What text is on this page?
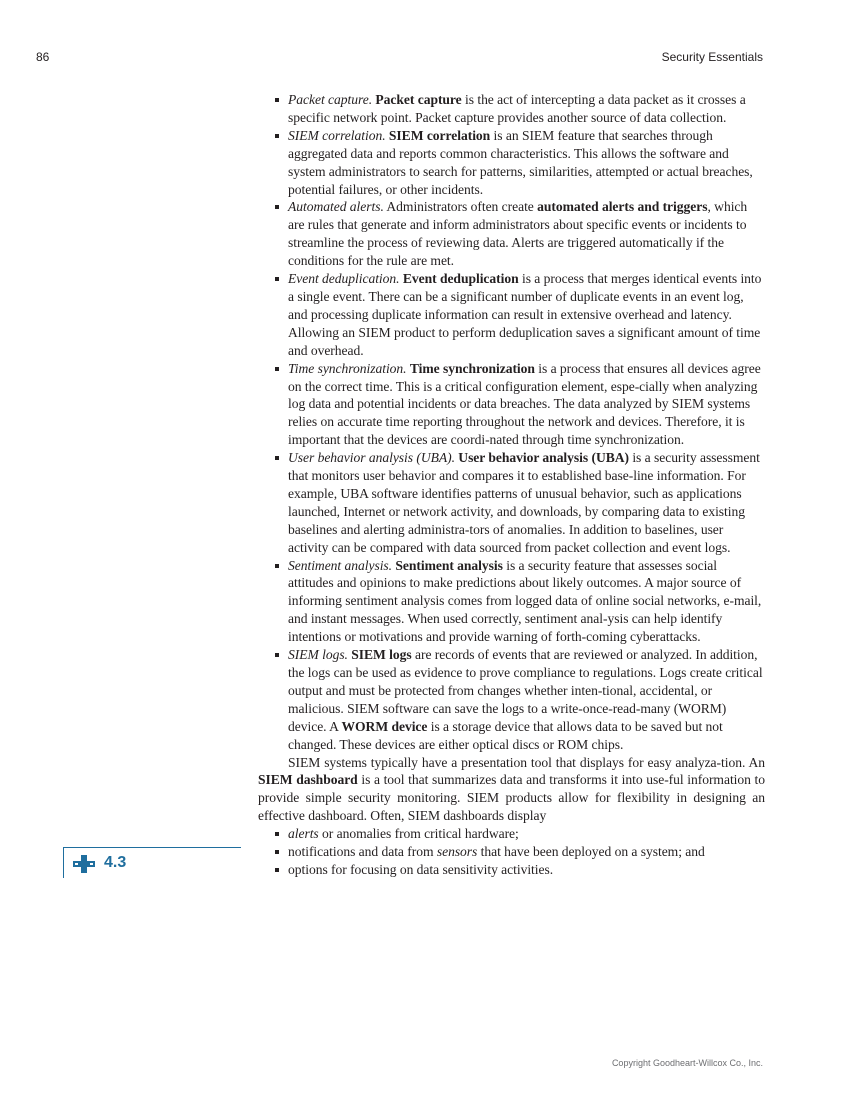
86	Security Essentials
Packet capture. Packet capture is the act of intercepting a data packet as it crosses a specific network point. Packet capture provides another source of data collection.
SIEM correlation. SIEM correlation is an SIEM feature that searches through aggregated data and reports common characteristics. This allows the software and system administrators to search for patterns, similarities, attempted or actual breaches, potential failures, or other incidents.
Automated alerts. Administrators often create automated alerts and triggers, which are rules that generate and inform administrators about specific events or incidents to streamline the process of reviewing data. Alerts are triggered automatically if the conditions for the rule are met.
Event deduplication. Event deduplication is a process that merges identical events into a single event. There can be a significant number of duplicate events in an event log, and processing duplicate information can result in extensive overhead and latency. Allowing an SIEM product to perform deduplication saves a significant amount of time and overhead.
Time synchronization. Time synchronization is a process that ensures all devices agree on the correct time. This is a critical configuration element, espe-cially when analyzing log data and potential incidents or data breaches. The data analyzed by SIEM systems relies on accurate time reporting throughout the network and devices. Therefore, it is important that the devices are coordi-nated through time synchronization.
User behavior analysis (UBA). User behavior analysis (UBA) is a security assessment that monitors user behavior and compares it to established base-line information. For example, UBA software identifies patterns of unusual behavior, such as applications launched, Internet or network activity, and downloads, by comparing data to existing baselines and alerting administra-tors of anomalies. In addition to baselines, user activity can be compared with data sourced from packet collection and event logs.
Sentiment analysis. Sentiment analysis is a security feature that assesses social attitudes and opinions to make predictions about likely outcomes. A major source of informing sentiment analysis comes from logged data of online social networks, e-mail, and instant messages. When used correctly, sentiment anal-ysis can help identify intentions or motivations and provide warning of forth-coming cyberattacks.
SIEM logs. SIEM logs are records of events that are reviewed or analyzed. In addition, the logs can be used as evidence to prove compliance to regulations. Logs create critical output and must be protected from changes whether inten-tional, accidental, or malicious. SIEM software can save the logs to a write-once-read-many (WORM) device. A WORM device is a storage device that allows data to be saved but not changed. These devices are either optical discs or ROM chips.

SIEM systems typically have a presentation tool that displays for easy analyza-tion. An SIEM dashboard is a tool that summarizes data and transforms it into use-ful information to provide simple security monitoring. SIEM products allow for flexibility in designing an effective dashboard. Often, SIEM dashboards display

alerts or anomalies from critical hardware;
notifications and data from sensors that have been deployed on a system; and
options for focusing on data sensitivity activities.
4.3
Copyright Goodheart-Willcox Co., Inc.
